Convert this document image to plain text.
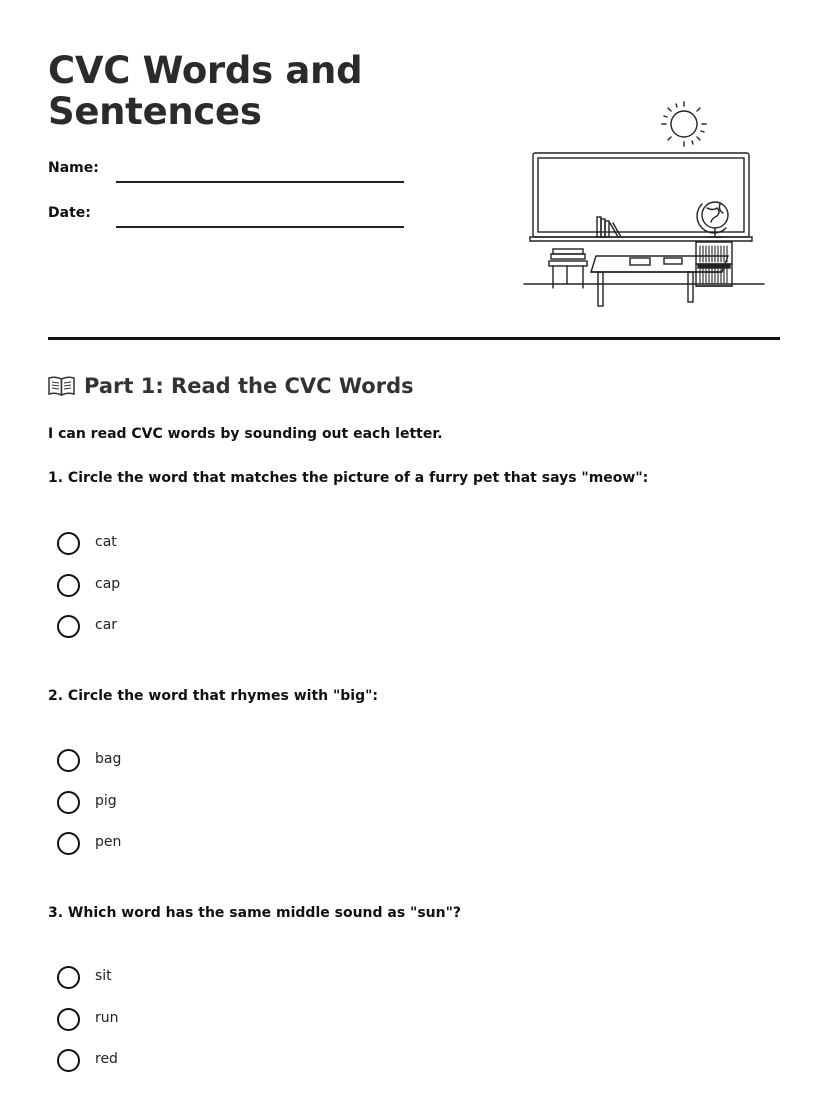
CVC Words and Sentences
Name:
Date:
Part 1: Read the CVC Words
I can read CVC words by sounding out each letter.
1. Circle the word that matches the picture of a furry pet that says "meow":
cat
cap
car
2. Circle the word that rhymes with "big":
bag
pig
pen
3. Which word has the same middle sound as "sun"?
sit
run
red
